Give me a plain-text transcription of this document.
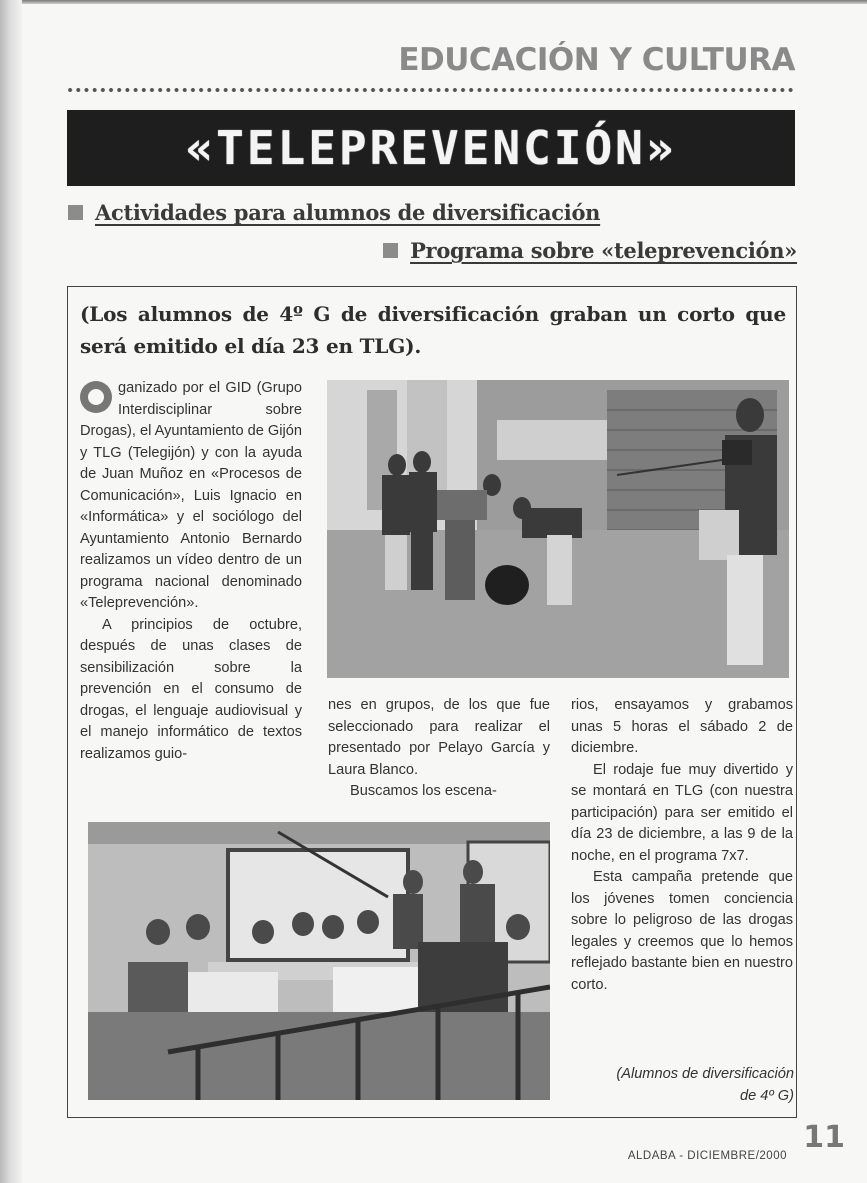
EDUCACIÓN Y CULTURA
«TELEPREVENCIÓN»
Actividades para alumnos de diversificación
Programa sobre «teleprevención»
(Los alumnos de 4º G de diversificación graban un corto que será emitido el día 23 en TLG).

ganizado por el GID (Grupo Interdisciplinar sobre Drogas), el Ayuntamiento de Gijón y TLG (Telegijón) y con la ayuda de Juan Muñoz en «Procesos de Comunicación», Luis Ignacio en «Informática» y el sociólogo del Ayuntamiento Antonio Bernardo realizamos un vídeo dentro de un programa nacional denominado «Teleprevención».

A principios de octubre, después de unas clases de sensibilización sobre la prevención en el consumo de drogas, el lenguaje audiovisual y el manejo informático de textos realizamos guio-

nes en grupos, de los que fue seleccionado para realizar el presentado por Pelayo García y Laura Blanco.

Buscamos los escena-

rios, ensayamos y grabamos unas 5 horas el sábado 2 de diciembre.

El rodaje fue muy divertido y se montará en TLG (con nuestra participación) para ser emitido el día 23 de diciembre, a las 9 de la noche, en el programa 7x7.

Esta campaña pretende que los jóvenes tomen conciencia sobre lo peligroso de las drogas legales y creemos que lo hemos reflejado bastante bien en nuestro corto.

(Alumnos de diversificación
de 4º G)
11
ALDABA - DICIEMBRE/2000
